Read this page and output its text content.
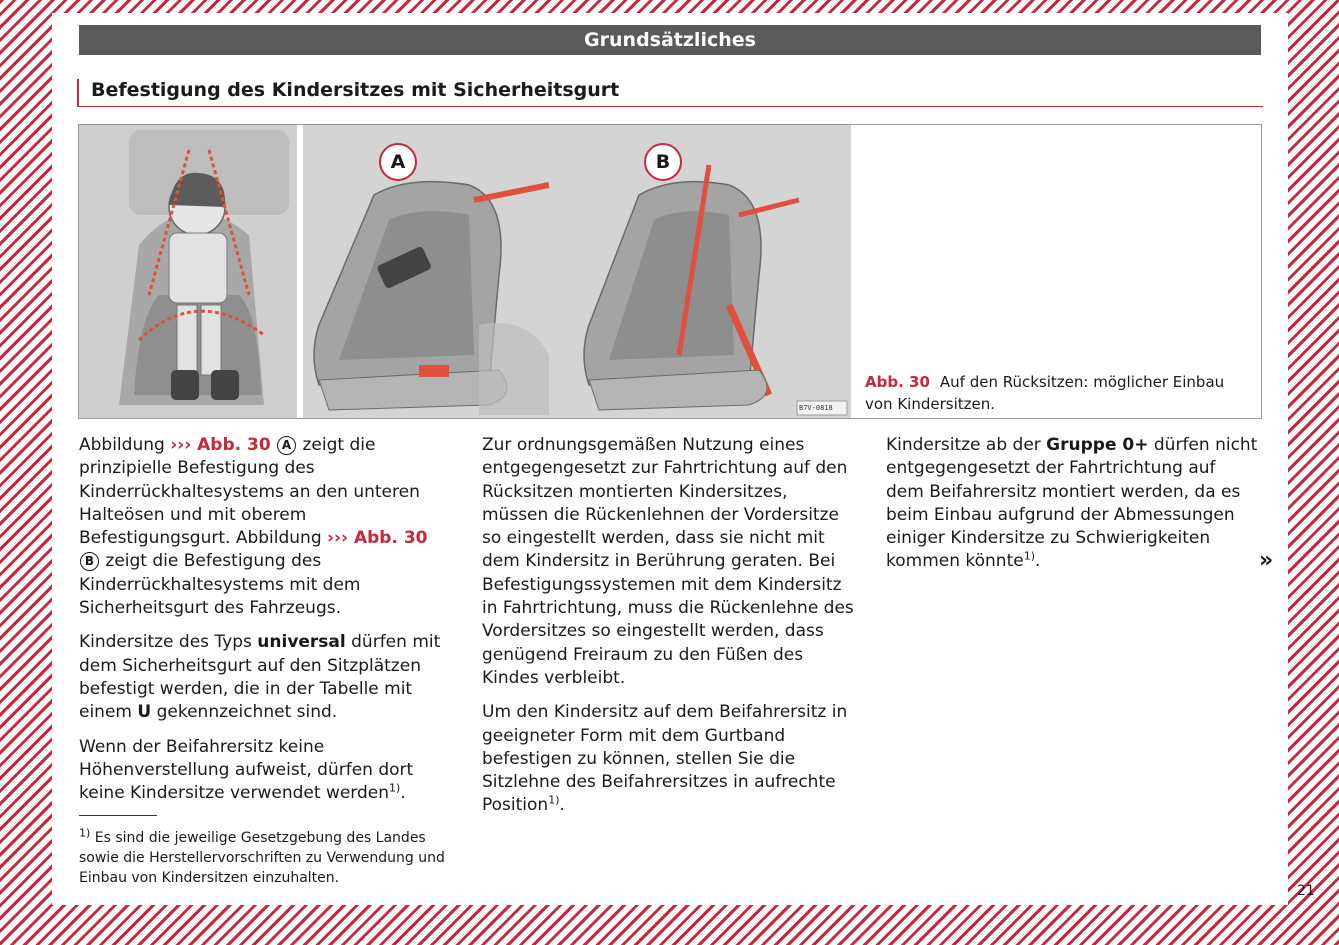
Grundsätzliches
Befestigung des Kindersitzes mit Sicherheitsgurt
A	B
B7V-0818
Abb. 30 Auf den Rücksitzen: möglicher Einbau von Kindersitzen.

Abbildung ››› Abb. 30 A zeigt die prinzipielle Befestigung des Kinderrückhaltesystems an den unteren Halteösen und mit oberem Befestigungsgurt. Abbildung ››› Abb. 30 B zeigt die Befestigung des Kinderrückhaltesystems mit dem Sicherheitsgurt des Fahrzeugs.

Kindersitze des Typs universal dürfen mit dem Sicherheitsgurt auf den Sitzplätzen befestigt werden, die in der Tabelle mit einem U gekennzeichnet sind.

Wenn der Beifahrersitz keine Höhenverstellung aufweist, dürfen dort keine Kindersitze verwendet werden$^{1)}$.

Zur ordnungsgemäßen Nutzung eines entgegengesetzt zur Fahrtrichtung auf den Rücksitzen montierten Kindersitzes, müssen die Rückenlehnen der Vordersitze so eingestellt werden, dass sie nicht mit dem Kindersitz in Berührung geraten. Bei Befestigungssystemen mit dem Kindersitz in Fahrtrichtung, muss die Rückenlehne des Vordersitzes so eingestellt werden, dass genügend Freiraum zu den Füßen des Kindes verbleibt.

Um den Kindersitz auf dem Beifahrersitz in geeigneter Form mit dem Gurtband befestigen zu können, stellen Sie die Sitzlehne des Beifahrersitzes in aufrechte Position$^{1)}$.

Kindersitze ab der Gruppe 0+ dürfen nicht entgegengesetzt der Fahrtrichtung auf dem Beifahrersitz montiert werden, da es beim Einbau aufgrund der Abmessungen einiger Kindersitze zu Schwierigkeiten kommen könnte$^{1)}$.	»
$^{1)}$ Es sind die jeweilige Gesetzgebung des Landes sowie die Herstellervorschriften zu Verwendung und Einbau von Kindersitzen einzuhalten.
21
